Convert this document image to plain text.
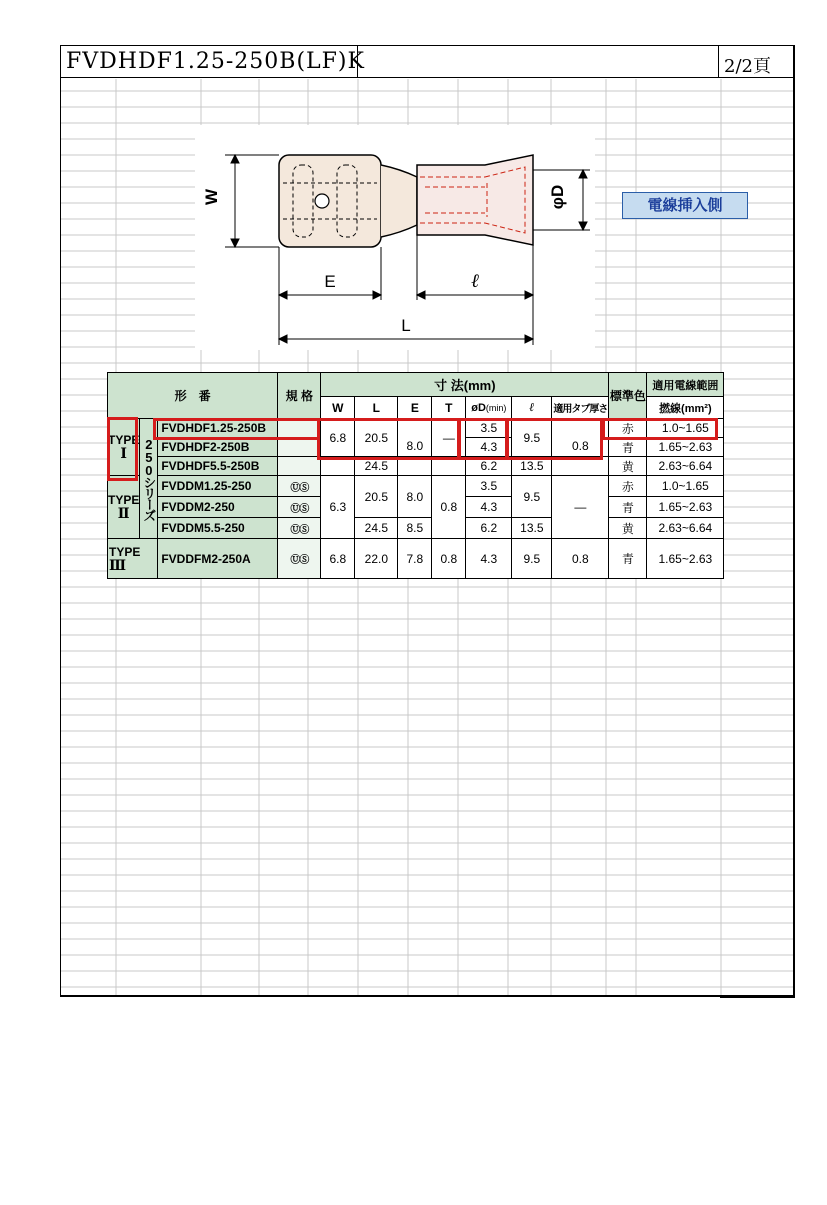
FVDHDF1.25-250B(LF)K	2/2頁
W	φD
E	ℓ
L
電線挿入側
形　番			規 格	寸 法(mm)							標準色	適用電線範囲
				W	L	E	T	øD(min)	ℓ	適用タブ厚さ		撚線(mm²)
TYPE
Ⅰ	250シリーズ	FVDHDF1.25-250B		6.8	20.5	8.0	—	3.5	9.5	0.8	赤	1.0~1.65
		FVDHDF2-250B						4.3			青	1.65~2.63
		FVDHDF5.5-250B			24.5			6.2	13.5		黄	2.63~6.64
TYPE
Ⅱ		FVDDM1.25-250	ⓊⓈ	6.3	20.5	8.0	0.8	3.5	9.5	—	赤	1.0~1.65
		FVDDM2-250	ⓊⓈ					4.3			青	1.65~2.63
		FVDDM5.5-250	ⓊⓈ		24.5	8.5		6.2	13.5		黄	2.63~6.64
TYPE
Ⅲ		FVDDFM2-250A	ⓊⓈ	6.8	22.0	7.8	0.8	4.3	9.5	0.8	青	1.65~2.63
